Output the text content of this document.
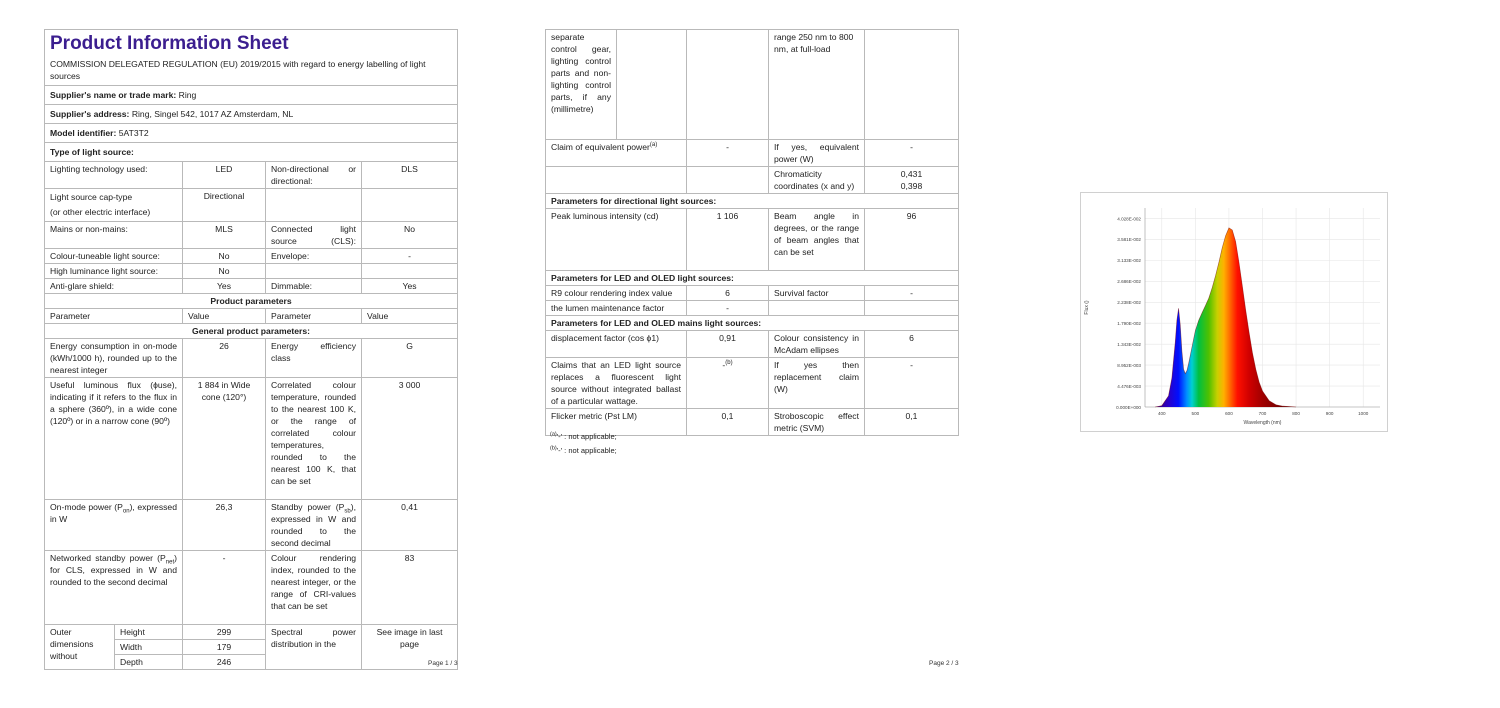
Product Information Sheet
COMMISSION DELEGATED REGULATION (EU) 2019/2015 with regard to energy labelling of light sources				

Supplier's name or trade mark: Ring				
Supplier's address: Ring, Singel 542, 1017 AZ Amsterdam, NL				
Model identifier: 5AT3T2				
Type of light source:				
Lighting technology used:		LED	Non-directional or directional:	DLS

Light source cap-type
(or other electric interface)		Directional		
Mains or non-mains:		MLS	Connected light source (CLS):	No
Colour-tuneable light source:		No	Envelope:	-
High luminance light source:		No		
Anti-glare shield:		Yes	Dimmable:	Yes
Product parameters				
Parameter		Value	Parameter	Value
General product parameters:				
Energy consumption in on-mode (kWh/1000 h), rounded up to the nearest integer		26	Energy efficiency class	G
Useful luminous flux (ɸuse), indicating if it refers to the flux in a sphere (360º), in a wide cone (120º) or in a narrow cone (90º)		1 884 in Wide cone (120°)	Correlated colour temperature, rounded to the nearest 100 K, or the range of correlated colour temperatures, rounded to the nearest 100 K, that can be set	3 000
On-mode power $(P_{on})$, expressed in W		26,3	Standby power $(P_{sb})$, expressed in W and rounded to the second decimal	0,41
Networked standby power $(P_{net})$ for CLS, expressed in W and rounded to the second decimal		-	Colour rendering index, rounded to the nearest integer, or the range of CRI-values that can be set	83
Outer dimensions without	Height	299	Spectral power distribution in the	See image in last page
	Width	179		
	Depth	246			Page 1 / 3
separate control gear, lighting control parts and non-lighting control parts, if any (millimetre)			range 250 nm to 800 nm, at full-load	
Claim of equivalent power$^{(a)}$		-	If yes, equivalent power (W)	-
			Chromaticity coordinates (x and y)	0,431
0,398

Parameters for directional light sources:				
Peak luminous intensity (cd)		1 106	Beam angle in degrees, or the range of beam angles that can be set	96
Parameters for LED and OLED light sources:				
R9 colour rendering index value		6	Survival factor	-
the lumen maintenance factor		-		
Parameters for LED and OLED mains light sources:				
displacement factor (cos ϕ1)		0,91	Colour consistency in McAdam ellipses	6
Claims that an LED light source replaces a fluorescent light source without integrated ballast of a particular wattage.		-$^{(b)}$	If yes then replacement claim (W)	-
Flicker metric (Pst LM)		0,1	Stroboscopic effect metric (SVM)	0,1
$^{(a)}$'-' : not applicable;
$^{(b)}$'-' : not applicable;
Page 2 / 3
0.000E+000
4.476E-003
8.952E-003
1.343E-002
1.790E-002
2.238E-002
2.686E-002
3.133E-002
3.581E-002
4.028E-002
400	500	600	700	800	900	1000
Wavelength (nm)
Flux ()
